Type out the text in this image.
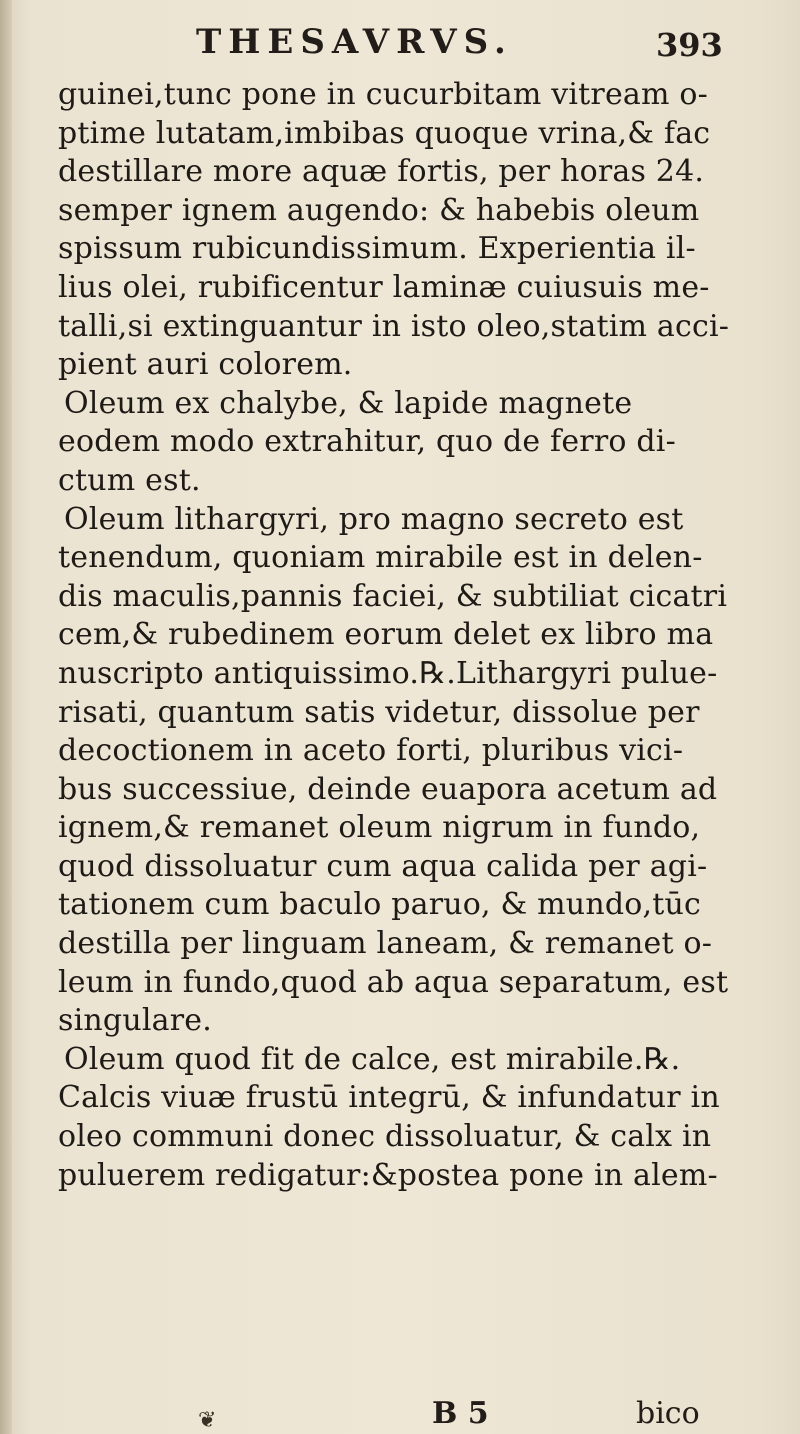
THESAVRVS.	393
guinei,tunc pone in cucurbitam vitream o-
ptime lutatam,imbibas quoque vrina,& fac
destillare more aquæ fortis, per horas 24.
semper ignem augendo: & habebis oleum
spissum rubicundissimum. Experientia il-
lius olei, rubificentur laminæ cuiusuis me-
talli,si extinguantur in isto oleo,statim acci-
pient auri colorem.
Oleum ex chalybe, & lapide magnete
eodem modo extrahitur, quo de ferro di-
ctum est.
Oleum lithargyri, pro magno secreto est
tenendum, quoniam mirabile est in delen-
dis maculis,pannis faciei, & subtiliat cicatri
cem,& rubedinem eorum delet ex libro ma
nuscripto antiquissimo.℞.Lithargyri pulue-
risati, quantum satis videtur, dissolue per
decoctionem in aceto forti, pluribus vici-
bus successiue, deinde euapora acetum ad
ignem,& remanet oleum nigrum in fundo,
quod dissoluatur cum aqua calida per agi-
tationem cum baculo paruo, & mundo,tūc
destilla per linguam laneam, & remanet o-
leum in fundo,quod ab aqua separatum, est
singulare.
Oleum quod fit de calce, est mirabile.℞.
Calcis viuæ frustū integrū, & infundatur in
oleo communi donec dissoluatur, & calx in
puluerem redigatur:&postea pone in alem-
❦	B 5	bico
